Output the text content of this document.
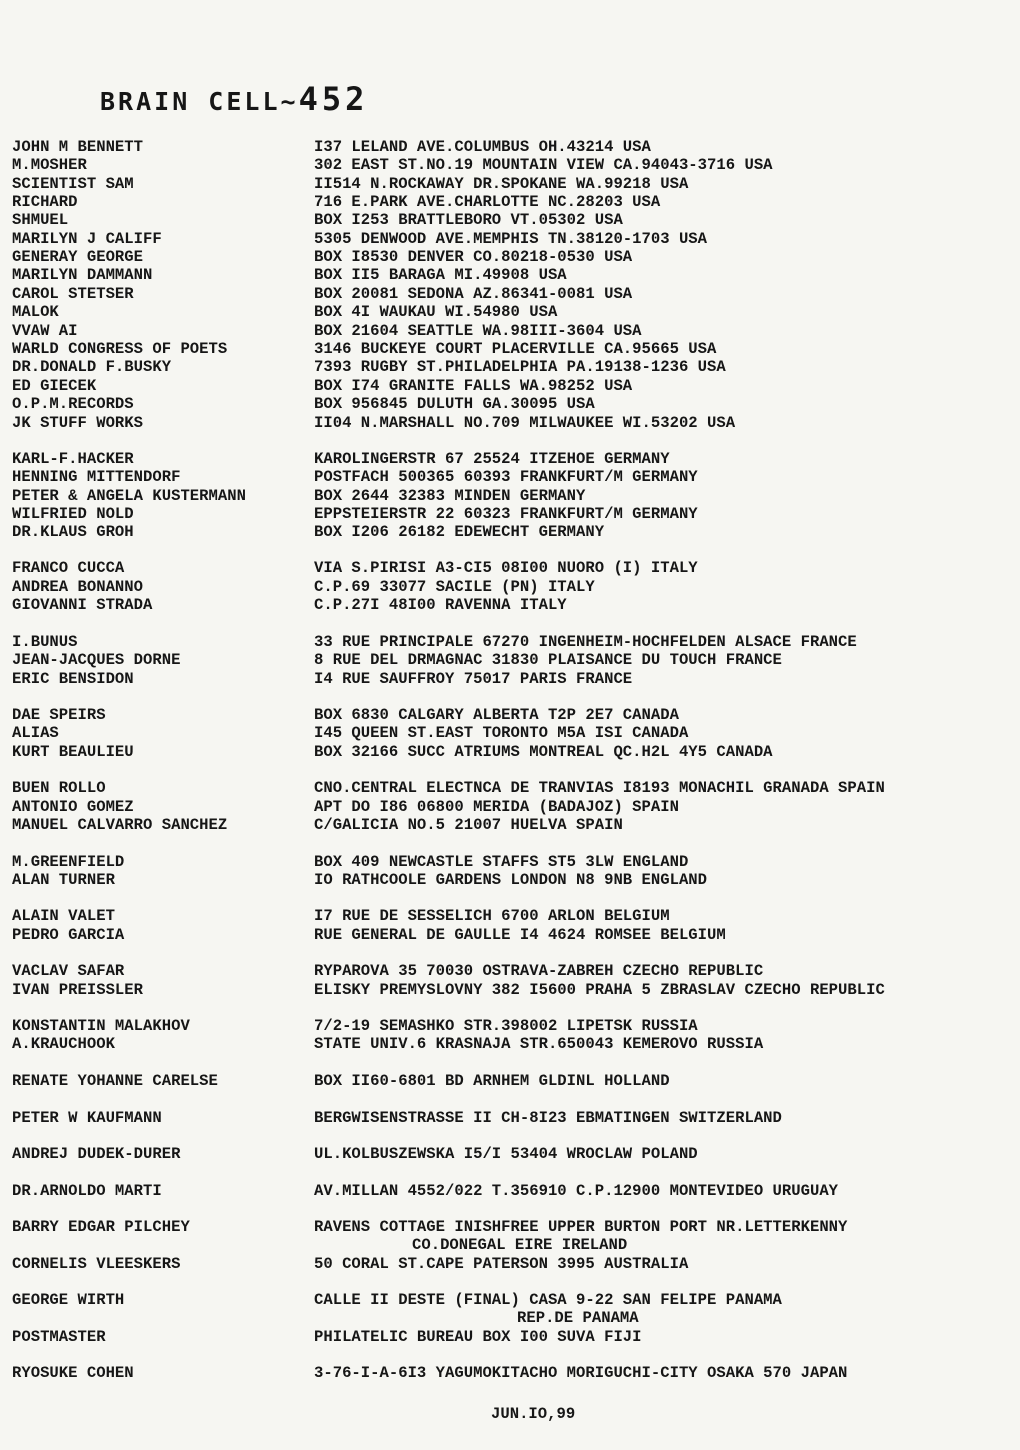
BRAIN CELL~452
JOHN M BENNETT	I37 LELAND AVE.COLUMBUS OH.43214 USA
M.MOSHER	302 EAST ST.NO.19 MOUNTAIN VIEW CA.94043-3716 USA
SCIENTIST SAM	II514 N.ROCKAWAY DR.SPOKANE WA.99218 USA
RICHARD	716 E.PARK AVE.CHARLOTTE NC.28203 USA
SHMUEL	BOX I253 BRATTLEBORO VT.05302 USA
MARILYN J CALIFF	5305 DENWOOD AVE.MEMPHIS TN.38120-1703 USA
GENERAY GEORGE	BOX I8530 DENVER CO.80218-0530 USA
MARILYN DAMMANN	BOX II5 BARAGA MI.49908 USA
CAROL STETSER	BOX 20081 SEDONA AZ.86341-0081 USA
MALOK	BOX 4I WAUKAU WI.54980 USA
VVAW AI	BOX 21604 SEATTLE WA.98III-3604 USA
WARLD CONGRESS OF POETS	3146 BUCKEYE COURT PLACERVILLE CA.95665 USA
DR.DONALD F.BUSKY	7393 RUGBY ST.PHILADELPHIA PA.19138-1236 USA
ED GIECEK	BOX I74 GRANITE FALLS WA.98252 USA
O.P.M.RECORDS	BOX 956845 DULUTH GA.30095 USA
JK STUFF WORKS	II04 N.MARSHALL NO.709 MILWAUKEE WI.53202 USA
KARL-F.HACKER	KAROLINGERSTR 67 25524 ITZEHOE GERMANY
HENNING MITTENDORF	POSTFACH 500365 60393 FRANKFURT/M GERMANY
PETER & ANGELA KUSTERMANN	BOX 2644 32383 MINDEN GERMANY
WILFRIED NOLD	EPPSTEIERSTR 22 60323 FRANKFURT/M GERMANY
DR.KLAUS GROH	BOX I206 26182 EDEWECHT GERMANY
FRANCO CUCCA	VIA S.PIRISI A3-CI5 08I00 NUORO (I) ITALY
ANDREA BONANNO	C.P.69 33077 SACILE (PN) ITALY
GIOVANNI STRADA	C.P.27I 48I00 RAVENNA ITALY
I.BUNUS	33 RUE PRINCIPALE 67270 INGENHEIM-HOCHFELDEN ALSACE FRANCE
JEAN-JACQUES DORNE	8 RUE DEL DRMAGNAC 31830 PLAISANCE DU TOUCH FRANCE
ERIC BENSIDON	I4 RUE SAUFFROY 75017 PARIS FRANCE
DAE SPEIRS	BOX 6830 CALGARY ALBERTA T2P 2E7 CANADA
ALIAS	I45 QUEEN ST.EAST TORONTO M5A ISI CANADA
KURT BEAULIEU	BOX 32166 SUCC ATRIUMS MONTREAL QC.H2L 4Y5 CANADA
BUEN ROLLO	CNO.CENTRAL ELECTNCA DE TRANVIAS I8193 MONACHIL GRANADA SPAIN
ANTONIO GOMEZ	APT DO I86 06800 MERIDA (BADAJOZ) SPAIN
MANUEL CALVARRO SANCHEZ	C/GALICIA NO.5 21007 HUELVA SPAIN
M.GREENFIELD	BOX 409 NEWCASTLE STAFFS ST5 3LW ENGLAND
ALAN TURNER	IO RATHCOOLE GARDENS LONDON N8 9NB ENGLAND
ALAIN VALET	I7 RUE DE SESSELICH 6700 ARLON BELGIUM
PEDRO GARCIA	RUE GENERAL DE GAULLE I4 4624 ROMSEE BELGIUM
VACLAV SAFAR	RYPAROVA 35 70030 OSTRAVA-ZABREH CZECHO REPUBLIC
IVAN PREISSLER	ELISKY PREMYSLOVNY 382 I5600 PRAHA 5 ZBRASLAV CZECHO REPUBLIC
KONSTANTIN MALAKHOV	7/2-19 SEMASHKO STR.398002 LIPETSK RUSSIA
A.KRAUCHOOK	STATE UNIV.6 KRASNAJA STR.650043 KEMEROVO RUSSIA
RENATE YOHANNE CARELSE	BOX II60-6801 BD ARNHEM GLDINL HOLLAND
PETER W KAUFMANN	BERGWISENSTRASSE II CH-8I23 EBMATINGEN SWITZERLAND
ANDREJ DUDEK-DURER	UL.KOLBUSZEWSKA I5/I 53404 WROCLAW POLAND
DR.ARNOLDO MARTI	AV.MILLAN 4552/022 T.356910 C.P.12900 MONTEVIDEO URUGUAY
BARRY EDGAR PILCHEY	RAVENS COTTAGE INISHFREE UPPER BURTON PORT NR.LETTERKENNY
CO.DONEGAL EIRE IRELAND
CORNELIS VLEESKERS	50 CORAL ST.CAPE PATERSON 3995 AUSTRALIA
GEORGE WIRTH	CALLE II DESTE (FINAL) CASA 9-22 SAN FELIPE PANAMA
REP.DE PANAMA
POSTMASTER	PHILATELIC BUREAU BOX I00 SUVA FIJI
RYOSUKE COHEN	3-76-I-A-6I3 YAGUMOKITACHO MORIGUCHI-CITY OSAKA 570 JAPAN
JUN.IO,99
